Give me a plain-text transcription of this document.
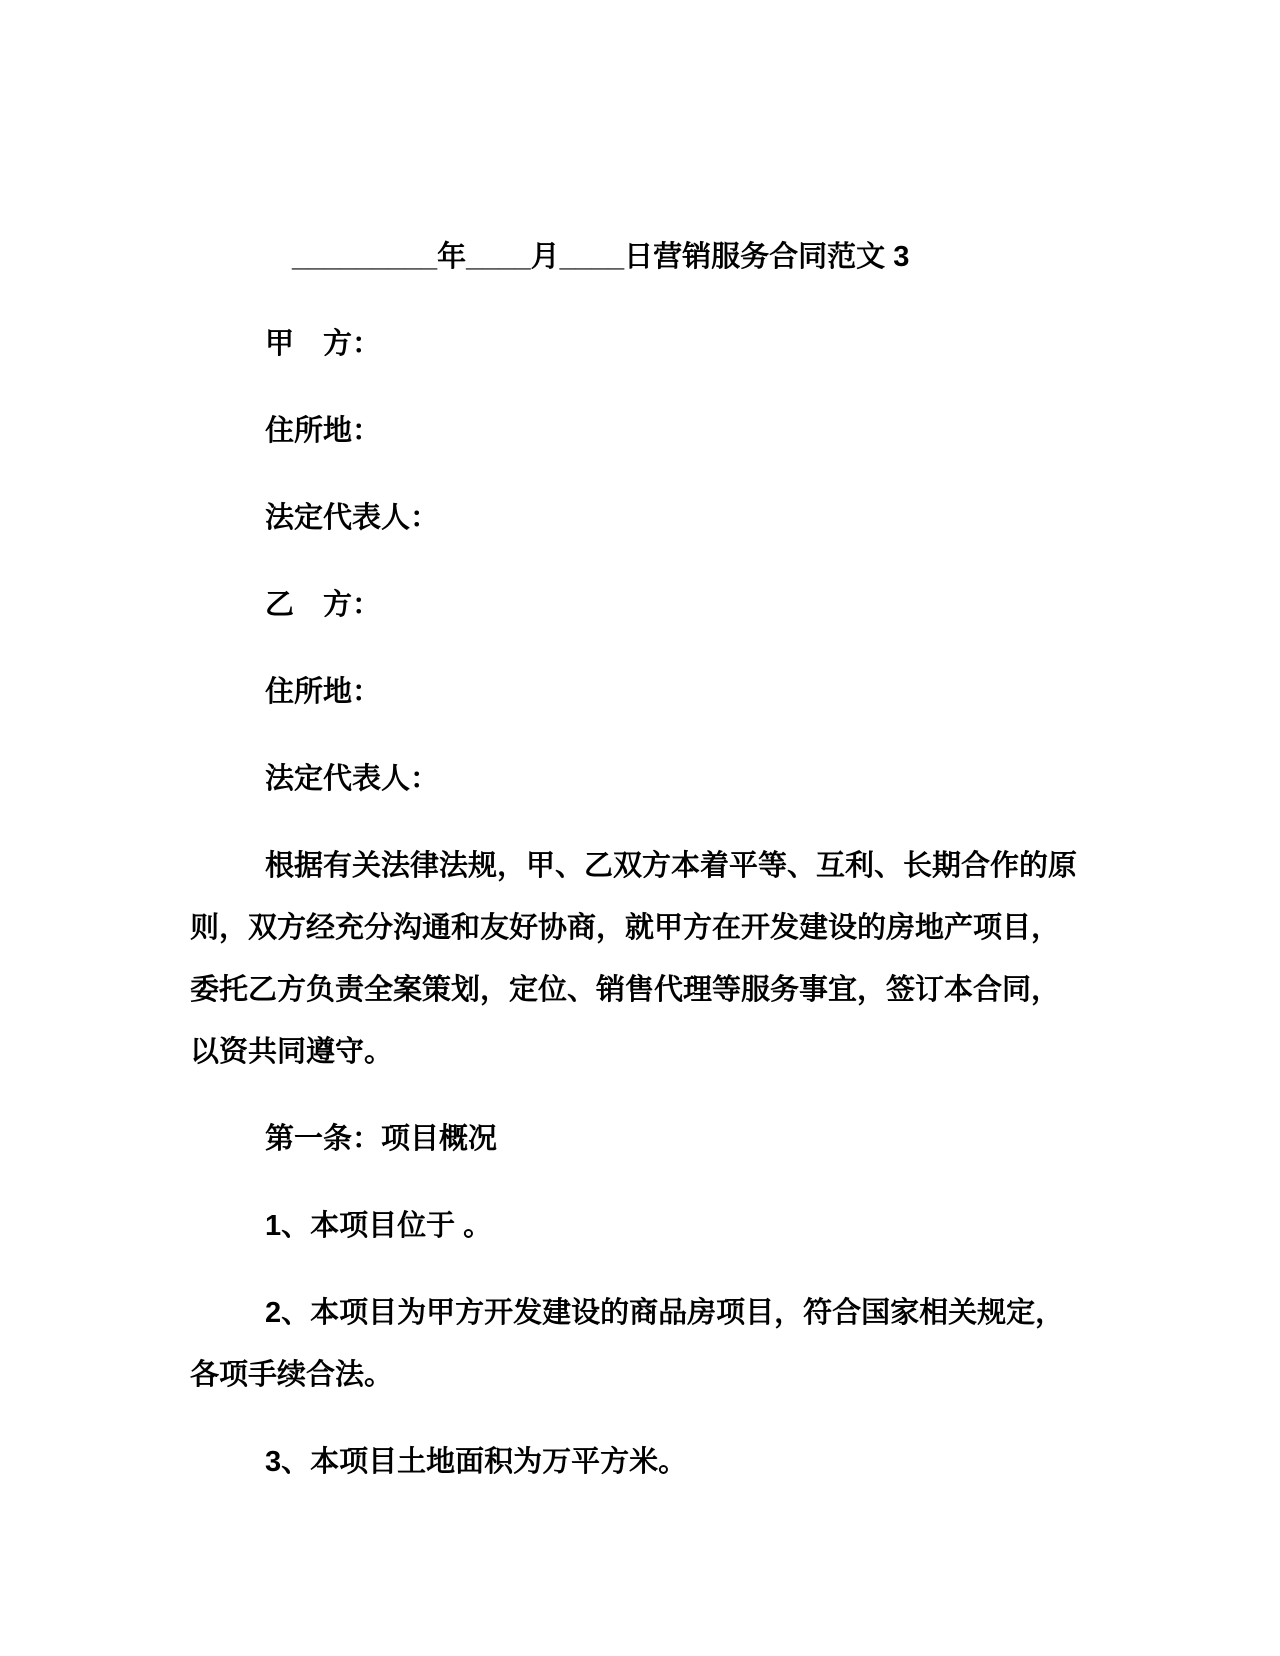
_________年____月____日营销服务合同范文 3
甲　方：
住所地：
法定代表人：
乙　方：
住所地：
法定代表人：
根据有关法律法规，甲、乙双方本着平等、互利、长期合作的原
则，双方经充分沟通和友好协商，就甲方在开发建设的房地产项目，
委托乙方负责全案策划，定位、销售代理等服务事宜，签订本合同，
以资共同遵守。
第一条：项目概况
1、本项目位于 。
2、本项目为甲方开发建设的商品房项目，符合国家相关规定，
各项手续合法。
3、本项目土地面积为万平方米。
